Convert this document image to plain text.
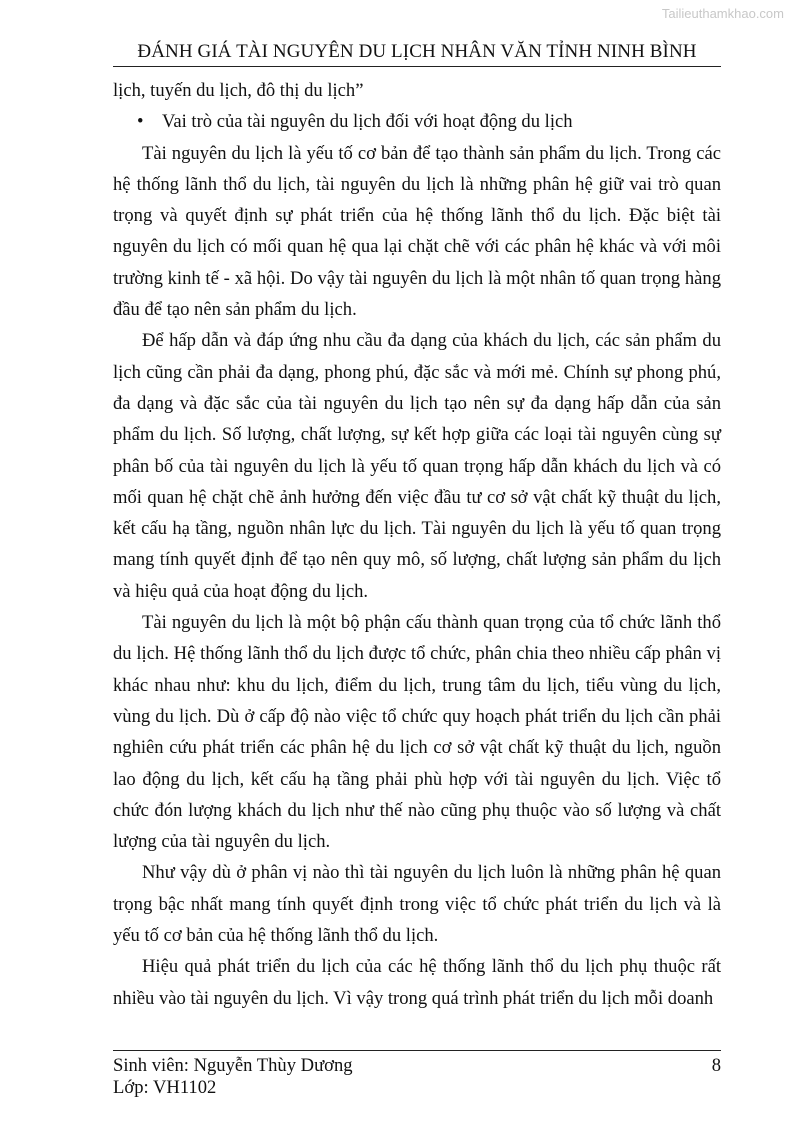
Tailieuthamkhao.com
ĐÁNH GIÁ TÀI NGUYÊN DU LỊCH NHÂN VĂN TỈNH NINH BÌNH

lịch, tuyến du lịch, đô thị du lịch”

• Vai trò của tài nguyên du lịch đối với hoạt động du lịch

Tài nguyên du lịch là yếu tố cơ bản để tạo thành sản phẩm du lịch. Trong các hệ thống lãnh thổ du lịch, tài nguyên du lịch là những phân hệ giữ vai trò quan trọng và quyết định sự phát triển của hệ thống lãnh thổ du lịch. Đặc biệt tài nguyên du lịch có mối quan hệ qua lại chặt chẽ với các phân hệ khác và với môi trường kinh tế - xã hội. Do vậy tài nguyên du lịch là một nhân tố quan trọng hàng đầu để tạo nên sản phẩm du lịch.

Để hấp dẫn và đáp ứng nhu cầu đa dạng của khách du lịch, các sản phẩm du lịch cũng cần phải đa dạng, phong phú, đặc sắc và mới mẻ. Chính sự phong phú, đa dạng và đặc sắc của tài nguyên du lịch tạo nên sự đa dạng hấp dẫn của sản phẩm du lịch. Số lượng, chất lượng, sự kết hợp giữa các loại tài nguyên cùng sự phân bố của tài nguyên du lịch là yếu tố quan trọng hấp dẫn khách du lịch và có mối quan hệ chặt chẽ ảnh hưởng đến việc đầu tư cơ sở vật chất kỹ thuật du lịch, kết cấu hạ tầng, nguồn nhân lực du lịch. Tài nguyên du lịch là yếu tố quan trọng mang tính quyết định để tạo nên quy mô, số lượng, chất lượng sản phẩm du lịch và hiệu quả của hoạt động du lịch.

Tài nguyên du lịch là một bộ phận cấu thành quan trọng của tổ chức lãnh thổ du lịch. Hệ thống lãnh thổ du lịch được tổ chức, phân chia theo nhiều cấp phân vị khác nhau như: khu du lịch, điểm du lịch, trung tâm du lịch, tiểu vùng du lịch, vùng du lịch. Dù ở cấp độ nào việc tổ chức quy hoạch phát triển du lịch cần phải nghiên cứu phát triển các phân hệ du lịch cơ sở vật chất kỹ thuật du lịch, nguồn lao động du lịch, kết cấu hạ tầng phải phù hợp với tài nguyên du lịch. Việc tổ chức đón lượng khách du lịch như thế nào cũng phụ thuộc vào số lượng và chất lượng của tài nguyên du lịch.

Như vậy dù ở phân vị nào thì tài nguyên du lịch luôn là những phân hệ quan trọng bậc nhất mang tính quyết định trong việc tổ chức phát triển du lịch và là yếu tố cơ bản của hệ thống lãnh thổ du lịch.

Hiệu quả phát triển du lịch của các hệ thống lãnh thổ du lịch phụ thuộc rất nhiều vào tài nguyên du lịch. Vì vậy trong quá trình phát triển du lịch mỗi doanh

Sinh viên: Nguyễn Thùy Dương
Lớp: VH1102
8
